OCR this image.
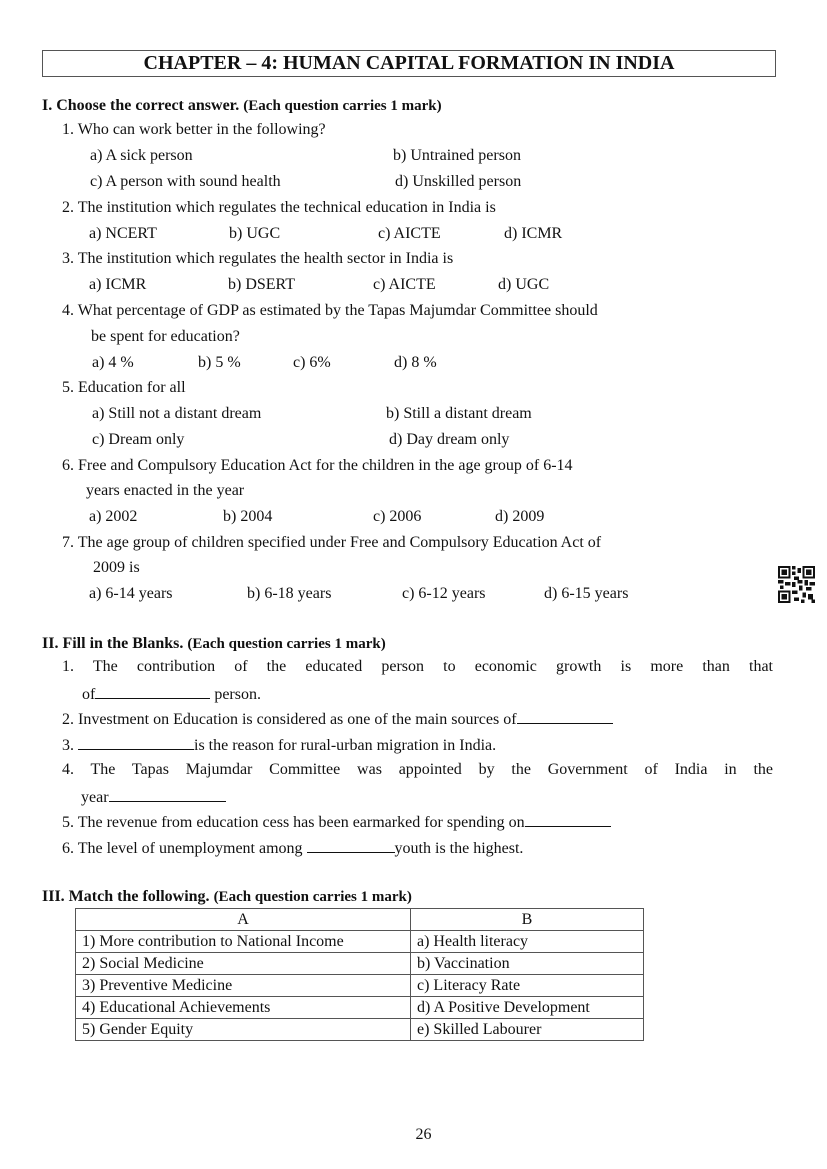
CHAPTER – 4: HUMAN CAPITAL FORMATION IN INDIA
I. Choose the correct answer. (Each question carries 1 mark)
1. Who can work better in the following?
a) A sick person	b) Untrained person
c) A person with sound health	d) Unskilled person
2. The institution which regulates the technical education in India is
a) NCERT	b) UGC	c) AICTE	d) ICMR
3. The institution which regulates the health sector in India is
a) ICMR	b) DSERT	c) AICTE	d) UGC
4. What percentage of GDP as estimated by the Tapas Majumdar Committee should
be spent for education?
a) 4 %	b) 5 %	c) 6%	d) 8 %
5. Education for all
a) Still not a distant dream	b) Still a distant dream
c) Dream only	d) Day dream only
6. Free and Compulsory Education Act for the children in the age group of 6-14
years enacted in the year
a) 2002	b) 2004	c) 2006	d) 2009
7. The age group of children specified under Free and Compulsory Education Act of
2009 is
a) 6-14 years	b) 6-18 years	c) 6-12 years	d) 6-15 years
II. Fill in the Blanks. (Each question carries 1 mark)
1. The contribution of the educated person to economic growth is more than that
of	person.
2. Investment on Education is considered as one of the main sources of
3.	is the reason for rural-urban migration in India.
4. The Tapas Majumdar Committee was appointed by the Government of India in the
year
5. The revenue from education cess has been earmarked for spending on
6. The level of unemployment among	youth is the highest.
III. Match the following. (Each question carries 1 mark)
A	B
1) More contribution to National Income	a) Health literacy
2) Social Medicine	b) Vaccination
3) Preventive Medicine	c) Literacy Rate
4) Educational Achievements	d) A Positive Development
5) Gender Equity	e) Skilled Labourer
26
